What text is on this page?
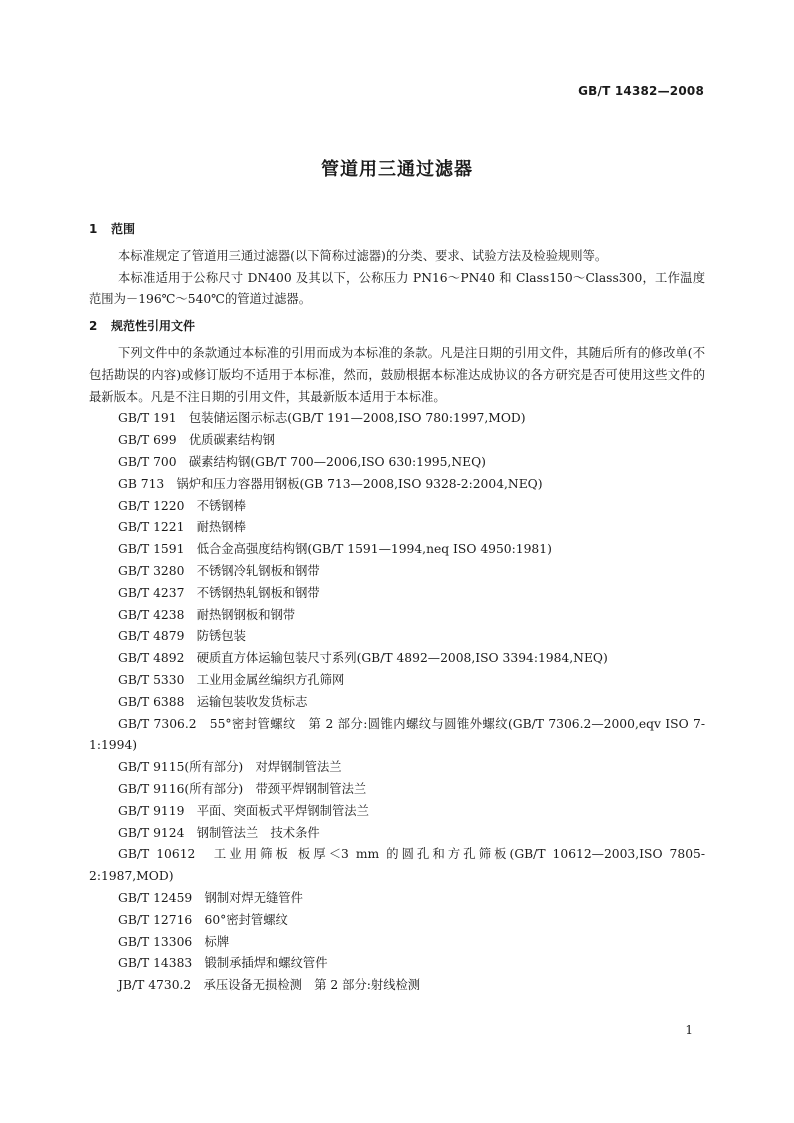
GB/T 14382—2008
管道用三通过滤器
1 范围

本标准规定了管道用三通过滤器(以下简称过滤器)的分类、要求、试验方法及检验规则等。

本标准适用于公称尺寸 DN400 及其以下，公称压力 PN16～PN40 和 Class150～Class300，工作温度范围为－196℃～540℃的管道过滤器。

2 规范性引用文件

下列文件中的条款通过本标准的引用而成为本标准的条款。凡是注日期的引用文件，其随后所有的修改单(不包括勘误的内容)或修订版均不适用于本标准，然而，鼓励根据本标准达成协议的各方研究是否可使用这些文件的最新版本。凡是不注日期的引用文件，其最新版本适用于本标准。

GB/T 191　包装储运图示标志(GB/T 191—2008,ISO 780:1997,MOD)

GB/T 699　优质碳素结构钢

GB/T 700　碳素结构钢(GB/T 700—2006,ISO 630:1995,NEQ)

GB 713　锅炉和压力容器用钢板(GB 713—2008,ISO 9328-2:2004,NEQ)

GB/T 1220　不锈钢棒

GB/T 1221　耐热钢棒

GB/T 1591　低合金高强度结构钢(GB/T 1591—1994,neq ISO 4950:1981)

GB/T 3280　不锈钢冷轧钢板和钢带

GB/T 4237　不锈钢热轧钢板和钢带

GB/T 4238　耐热钢钢板和钢带

GB/T 4879　防锈包装

GB/T 4892　硬质直方体运输包装尺寸系列(GB/T 4892—2008,ISO 3394:1984,NEQ)

GB/T 5330　工业用金属丝编织方孔筛网

GB/T 6388　运输包装收发货标志

GB/T 7306.2　55°密封管螺纹　第 2 部分:圆锥内螺纹与圆锥外螺纹(GB/T 7306.2—2000,eqv ISO 7-1:1994)

GB/T 9115(所有部分)　对焊钢制管法兰

GB/T 9116(所有部分)　带颈平焊钢制管法兰

GB/T 9119　平面、突面板式平焊钢制管法兰

GB/T 9124　钢制管法兰　技术条件

GB/T 10612　工业用筛板 板厚＜3 mm 的圆孔和方孔筛板(GB/T 10612—2003,ISO 7805-2:1987,MOD)

GB/T 12459　钢制对焊无缝管件

GB/T 12716　60°密封管螺纹

GB/T 13306　标牌

GB/T 14383　锻制承插焊和螺纹管件

JB/T 4730.2　承压设备无损检测　第 2 部分:射线检测

1
